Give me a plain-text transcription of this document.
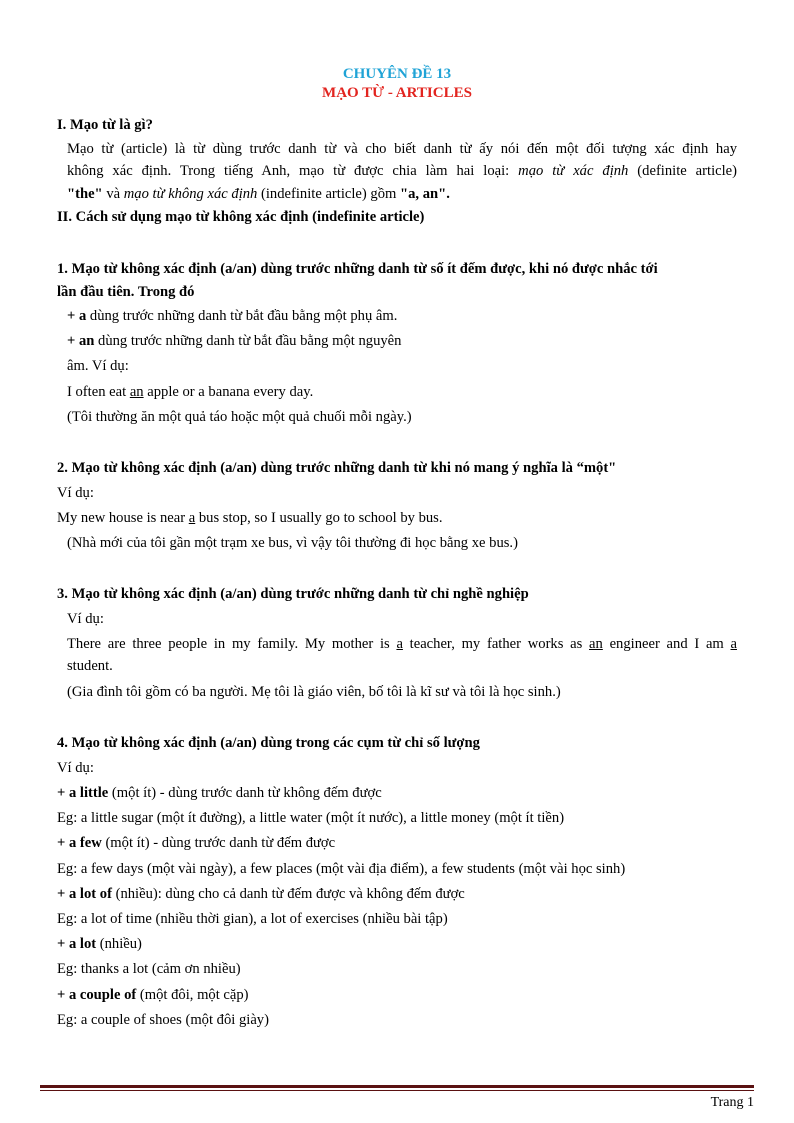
CHUYÊN ĐỀ 13
MẠO TỪ - ARTICLES
I. Mạo từ là gì?
Mạo từ (article) là từ dùng trước danh từ và cho biết danh từ ấy nói đến một đối tượng xác định hay
không xác định. Trong tiếng Anh, mạo từ được chia làm hai loại: mạo từ xác định (definite article)
"the" và mạo từ không xác định (indefinite article) gồm "a, an".
II. Cách sử dụng mạo từ không xác định (indefinite article)
1. Mạo từ không xác định (a/an) dùng trước những danh từ số ít đếm được, khi nó được nhắc tới
lần đầu tiên. Trong đó
+ a dùng trước những danh từ bắt đầu bằng một phụ âm.
+ an dùng trước những danh từ bắt đầu bằng một nguyên
âm. Ví dụ:
I often eat an apple or a banana every day.
(Tôi thường ăn một quả táo hoặc một quả chuối mỗi ngày.)
2. Mạo từ không xác định (a/an) dùng trước những danh từ khi nó mang ý nghĩa là “một"
Ví dụ:
My new house is near a bus stop, so I usually go to school by bus.
(Nhà mới của tôi gần một trạm xe bus, vì vậy tôi thường đi học bằng xe bus.)
3. Mạo từ không xác định (a/an) dùng trước những danh từ chỉ nghề nghiệp
Ví dụ:
There are three people in my family. My mother is a teacher, my father works as an engineer and I am a
student.
(Gia đình tôi gồm có ba người. Mẹ tôi là giáo viên, bố tôi là kĩ sư và tôi là học sinh.)
4. Mạo từ không xác định (a/an) dùng trong các cụm từ chỉ số lượng
Ví dụ:
+ a little (một ít) - dùng trước danh từ không đếm được
Eg: a little sugar (một ít đường), a little water (một ít nước), a little money (một ít tiền)
+ a few (một ít) - dùng trước danh từ đếm được
Eg: a few days (một vài ngày), a few places (một vài địa điểm), a few students (một vài học sinh)
+ a lot of (nhiều): dùng cho cả danh từ đếm được và không đếm được
Eg: a lot of time (nhiều thời gian), a lot of exercises (nhiều bài tập)
+ a lot (nhiều)
Eg: thanks a lot (cảm ơn nhiều)
+ a couple of (một đôi, một cặp)
Eg: a couple of shoes (một đôi giày)
Trang 1
